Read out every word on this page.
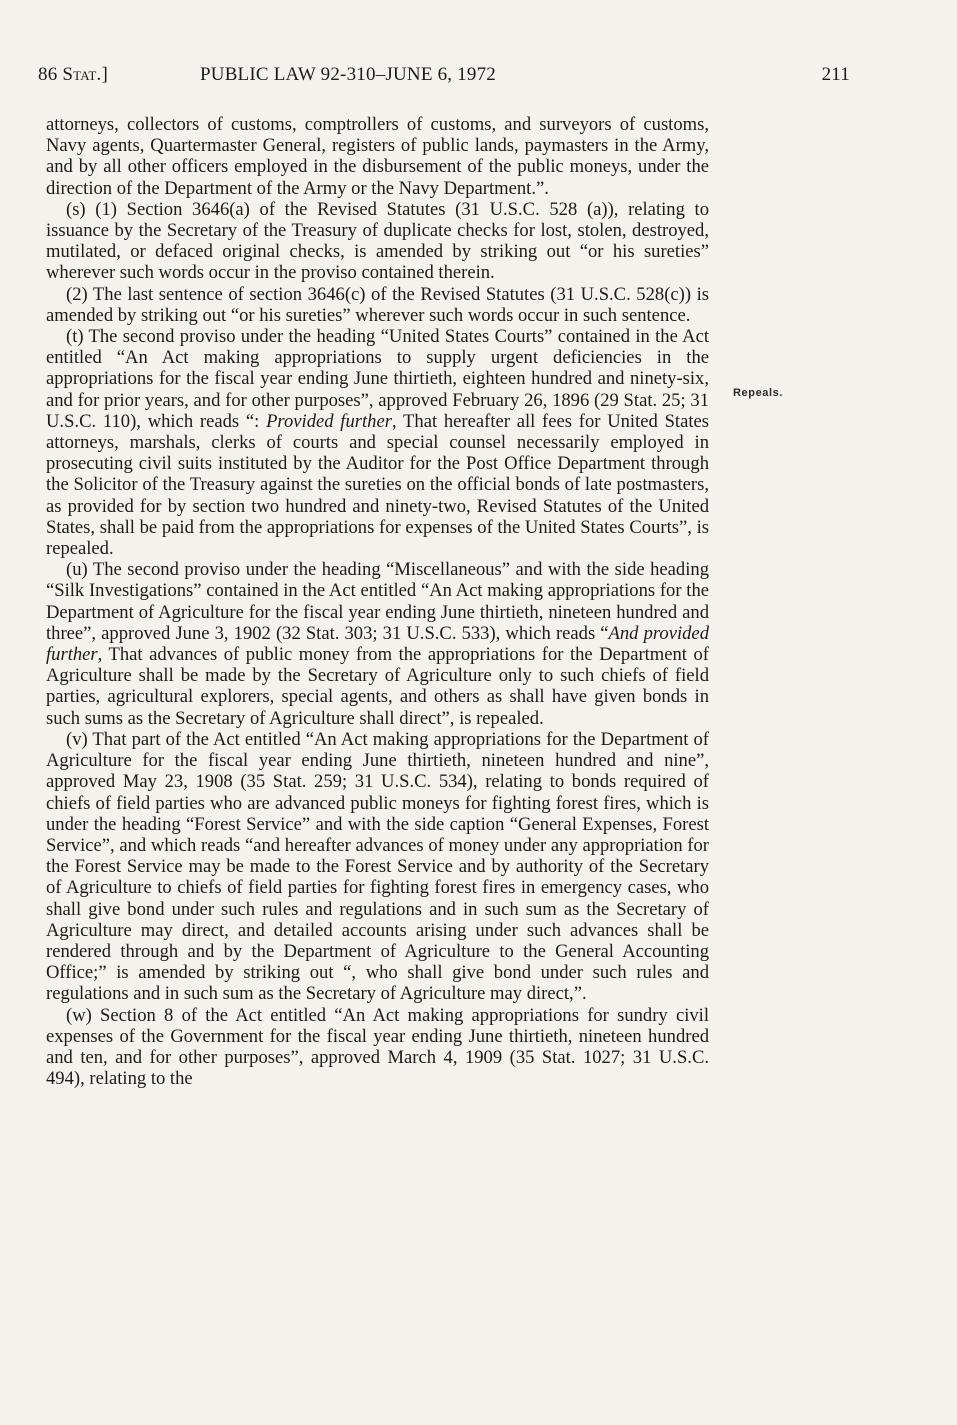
86 Stat.]	PUBLIC LAW 92-310–JUNE 6, 1972	211

attorneys, collectors of customs, comptrollers of customs, and surveyors of customs, Navy agents, Quartermaster General, registers of public lands, paymasters in the Army, and by all other officers employed in the disbursement of the public moneys, under the direction of the Department of the Army or the Navy Department.”.

(s) (1) Section 3646(a) of the Revised Statutes (31 U.S.C. 528 (a)), relating to issuance by the Secretary of the Treasury of duplicate checks for lost, stolen, destroyed, mutilated, or defaced original checks, is amended by striking out “or his sureties” wherever such words occur in the proviso contained therein.

(2) The last sentence of section 3646(c) of the Revised Statutes (31 U.S.C. 528(c)) is amended by striking out “or his sureties” wherever such words occur in such sentence.

(t) The second proviso under the heading “United States Courts” contained in the Act entitled “An Act making appropriations to supply urgent deficiencies in the appropriations for the fiscal year ending June thirtieth, eighteen hundred and ninety-six, and for prior years, and for other purposes”, approved February 26, 1896 (29 Stat. 25; 31 U.S.C. 110), which reads “: Provided further, That hereafter all fees for United States attorneys, marshals, clerks of courts and special counsel necessarily employed in prosecuting civil suits instituted by the Auditor for the Post Office Department through the Solicitor of the Treasury against the sureties on the official bonds of late postmasters, as provided for by section two hundred and ninety-two, Revised Statutes of the United States, shall be paid from the appropriations for expenses of the United States Courts”, is repealed.

(u) The second proviso under the heading “Miscellaneous” and with the side heading “Silk Investigations” contained in the Act entitled “An Act making appropriations for the Department of Agriculture for the fiscal year ending June thirtieth, nineteen hundred and three”, approved June 3, 1902 (32 Stat. 303; 31 U.S.C. 533), which reads “And provided further, That advances of public money from the appropriations for the Department of Agriculture shall be made by the Secretary of Agriculture only to such chiefs of field parties, agricultural explorers, special agents, and others as shall have given bonds in such sums as the Secretary of Agriculture shall direct”, is repealed.

(v) That part of the Act entitled “An Act making appropriations for the Department of Agriculture for the fiscal year ending June thirtieth, nineteen hundred and nine”, approved May 23, 1908 (35 Stat. 259; 31 U.S.C. 534), relating to bonds required of chiefs of field parties who are advanced public moneys for fighting forest fires, which is under the heading “Forest Service” and with the side caption “General Expenses, Forest Service”, and which reads “and hereafter advances of money under any appropriation for the Forest Service may be made to the Forest Service and by authority of the Secretary of Agriculture to chiefs of field parties for fighting forest fires in emergency cases, who shall give bond under such rules and regulations and in such sum as the Secretary of Agriculture may direct, and detailed accounts arising under such advances shall be rendered through and by the Department of Agriculture to the General Accounting Office;” is amended by striking out “, who shall give bond under such rules and regulations and in such sum as the Secretary of Agriculture may direct,”.

(w) Section 8 of the Act entitled “An Act making appropriations for sundry civil expenses of the Government for the fiscal year ending June thirtieth, nineteen hundred and ten, and for other purposes”, approved March 4, 1909 (35 Stat. 1027; 31 U.S.C. 494), relating to the

Repeals.
